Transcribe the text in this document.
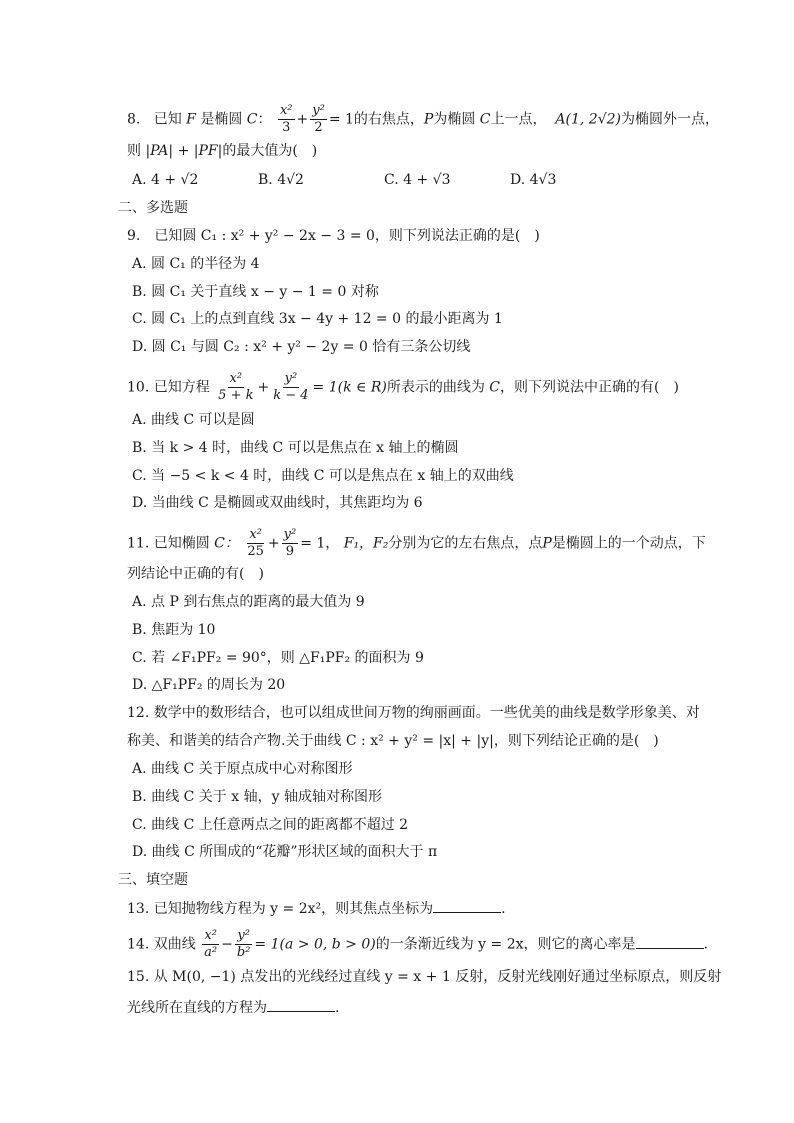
8. 已知 F 是椭圆 C： $\frac{\text{x²}}{3} + \frac{\text{y²}}{2} = 1$的右焦点，P为椭圆 C上一点， A(1, 2√2)为椭圆外一点，
则 |PA| + |PF|的最大值为(　)
A. 4 + √2	B. 4√2	C. 4 + √3	D. 4√3
二、多选题
9.　已知圆 C₁ : x² + y² − 2x − 3 = 0，则下列说法正确的是(　)
A. 圆 C₁ 的半径为 4
B. 圆 C₁ 关于直线 x − y − 1 = 0 对称
C. 圆 C₁ 上的点到直线 3x − 4y + 12 = 0 的最小距离为 1
D. 圆 C₁ 与圆 C₂ : x² + y² − 2y = 0 恰有三条公切线
10. 已知方程 $\frac{\text{x²}}{5 + k} + \frac{\text{y²}}{k - 4} = 1(k$ ∈ R)所表示的曲线为 C，则下列说法中正确的有(　)
A. 曲线 C 可以是圆
B. 当 k > 4 时，曲线 C 可以是焦点在 x 轴上的椭圆
C. 当 −5 < k < 4 时，曲线 C 可以是焦点在 x 轴上的双曲线
D. 当曲线 C 是椭圆或双曲线时，其焦距均为 6
11. 已知椭圆 C： $\frac{\text{x²}}{25} + \frac{\text{y²}}{9} = 1$， F₁，F₂分别为它的左右焦点，点P是椭圆上的一个动点，下
列结论中正确的有(　)
A. 点 P 到右焦点的距离的最大值为 9
B. 焦距为 10
C. 若 ∠F₁PF₂ = 90°，则 △F₁PF₂ 的面积为 9
D. △F₁PF₂ 的周长为 20
12. 数学中的数形结合，也可以组成世间万物的绚丽画面。一些优美的曲线是数学形象美、对
称美、和谐美的结合产物.关于曲线 C : x² + y² = |x| + |y|，则下列结论正确的是(　)
A. 曲线 C 关于原点成中心对称图形
B. 曲线 C 关于 x 轴，y 轴成轴对称图形
C. 曲线 C 上任意两点之间的距离都不超过 2
D. 曲线 C 所围成的“花瓣”形状区域的面积大于 π
三、填空题
13. 已知抛物线方程为 y = 2x²，则其焦点坐标为	.
14. 双曲线 $\frac{\text{x²}}{\text{a²}} - \frac{\text{y²}}{\text{b²}} = 1(a > 0$, b > 0)的一条渐近线为 y = 2x，则它的离心率是	.
15. 从 M(0, −1) 点发出的光线经过直线 y = x + 1 反射，反射光线刚好通过坐标原点，则反射
光线所在直线的方程为	.
